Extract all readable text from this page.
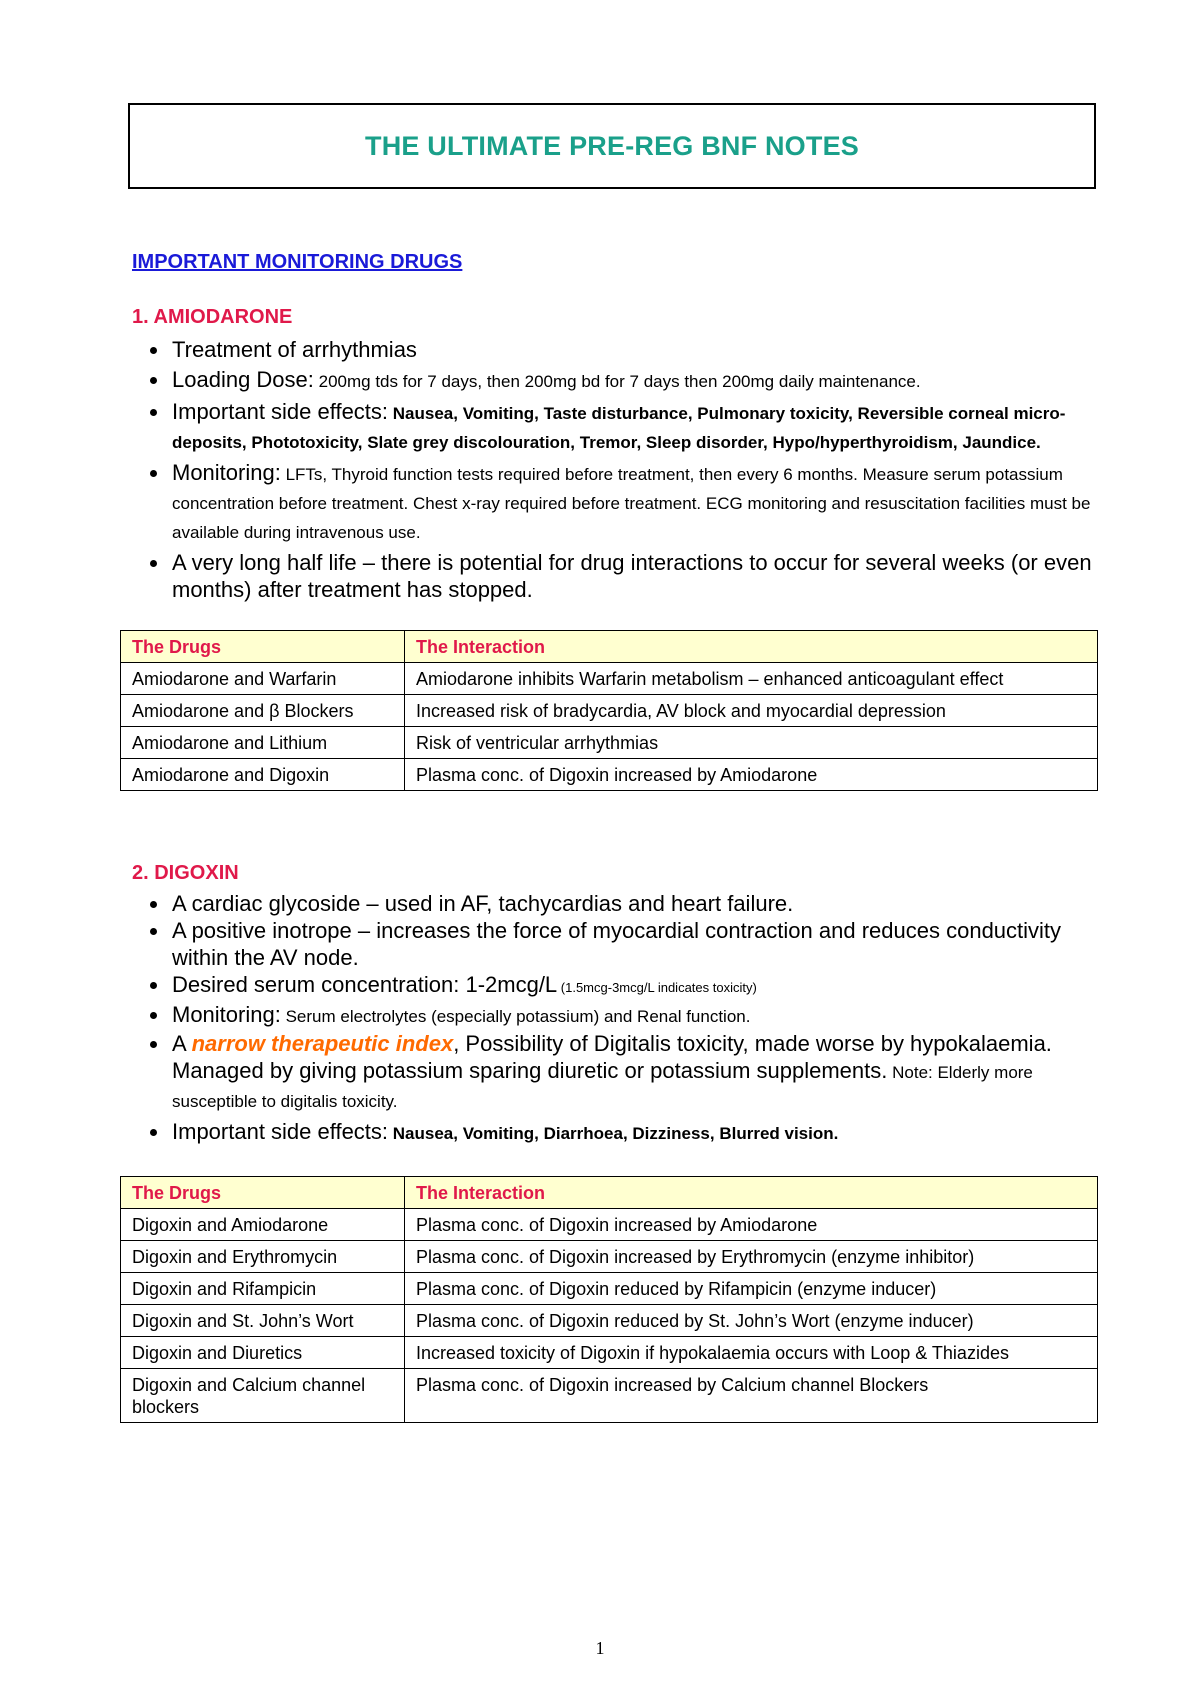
THE ULTIMATE PRE-REG BNF NOTES
IMPORTANT MONITORING DRUGS
1. AMIODARONE
Treatment of arrhythmias
Loading Dose: 200mg tds for 7 days, then 200mg bd for 7 days then 200mg daily maintenance.
Important side effects: Nausea, Vomiting, Taste disturbance, Pulmonary toxicity, Reversible corneal micro-deposits, Phototoxicity, Slate grey discolouration, Tremor, Sleep disorder, Hypo/hyperthyroidism, Jaundice.
Monitoring: LFTs, Thyroid function tests required before treatment, then every 6 months. Measure serum potassium concentration before treatment. Chest x-ray required before treatment. ECG monitoring and resuscitation facilities must be available during intravenous use.
A very long half life – there is potential for drug interactions to occur for several weeks (or even months) after treatment has stopped.
The Drugs	The Interaction
Amiodarone and Warfarin	Amiodarone inhibits Warfarin metabolism – enhanced anticoagulant effect
Amiodarone and β Blockers	Increased risk of bradycardia, AV block and myocardial depression
Amiodarone and Lithium	Risk of ventricular arrhythmias
Amiodarone and Digoxin	Plasma conc. of Digoxin increased by Amiodarone
2. DIGOXIN
A cardiac glycoside – used in AF, tachycardias and heart failure.
A positive inotrope – increases the force of myocardial contraction and reduces conductivity within the AV node.
Desired serum concentration: 1-2mcg/L (1.5mcg-3mcg/L indicates toxicity)
Monitoring: Serum electrolytes (especially potassium) and Renal function.
A narrow therapeutic index, Possibility of Digitalis toxicity, made worse by hypokalaemia. Managed by giving potassium sparing diuretic or potassium supplements. Note: Elderly more susceptible to digitalis toxicity.
Important side effects: Nausea, Vomiting, Diarrhoea, Dizziness, Blurred vision.
The Drugs	The Interaction
Digoxin and Amiodarone	Plasma conc. of Digoxin increased by Amiodarone
Digoxin and Erythromycin	Plasma conc. of Digoxin increased by Erythromycin (enzyme inhibitor)
Digoxin and Rifampicin	Plasma conc. of Digoxin reduced by Rifampicin (enzyme inducer)
Digoxin and St. John’s Wort	Plasma conc. of Digoxin reduced by St. John’s Wort (enzyme inducer)
Digoxin and Diuretics	Increased toxicity of Digoxin if hypokalaemia occurs with Loop & Thiazides
Digoxin and Calcium channel blockers	Plasma conc. of Digoxin increased by Calcium channel Blockers
1
